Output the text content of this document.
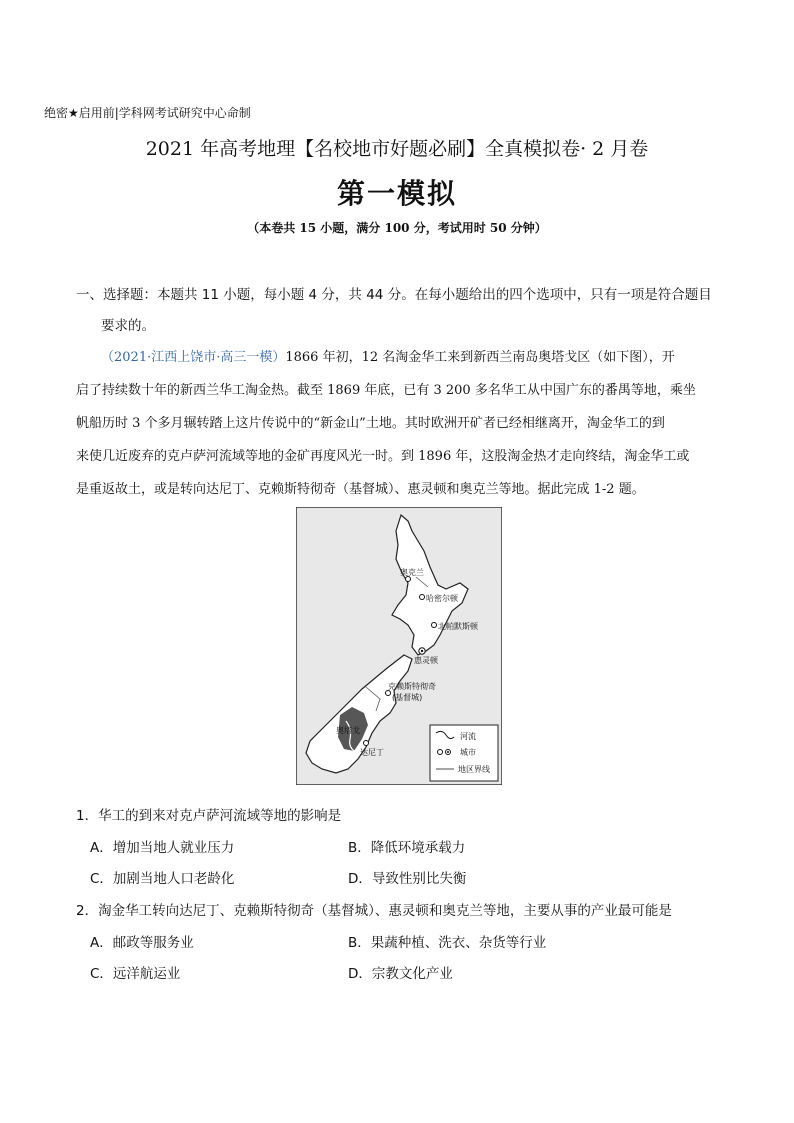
绝密★启用前|学科网考试研究中心命制
2021 年高考地理【名校地市好题必刷】全真模拟卷· 2 月卷
第一模拟
（本卷共 15 小题，满分 100 分，考试用时 50 分钟）
一、选择题：本题共 11 小题，每小题 4 分，共 44 分。在每小题给出的四个选项中，只有一项是符合题目
要求的。
（2021·江西上饶市·高三一模）1866 年初，12 名淘金华工来到新西兰南岛奥塔戈区（如下图），开
启了持续数十年的新西兰华工淘金热。截至 1869 年底，已有 3 200 多名华工从中国广东的番禺等地，乘坐
帆船历时 3 个多月辗转踏上这片传说中的“新金山”土地。其时欧洲开矿者已经相继离开，淘金华工的到
来使几近废弃的克卢萨河流域等地的金矿再度风光一时。到 1896 年，这股淘金热才走向终结，淘金华工或
是重返故土，或是转向达尼丁、克赖斯特彻奇（基督城）、惠灵顿和奥克兰等地。据此完成 1-2 题。
奥克兰
哈密尔顿
北帕默斯顿
惠灵顿
克赖斯特彻奇
(基督城)
奥塔戈
达尼丁
河流
城市
地区界线
1．华工的到来对克卢萨河流域等地的影响是
A．增加当地人就业压力	B．降低环境承载力
C．加剧当地人口老龄化	D．导致性别比失衡
2．淘金华工转向达尼丁、克赖斯特彻奇（基督城）、惠灵顿和奥克兰等地，主要从事的产业最可能是
A．邮政等服务业	B．果蔬种植、洗衣、杂货等行业
C．远洋航运业	D．宗教文化产业
